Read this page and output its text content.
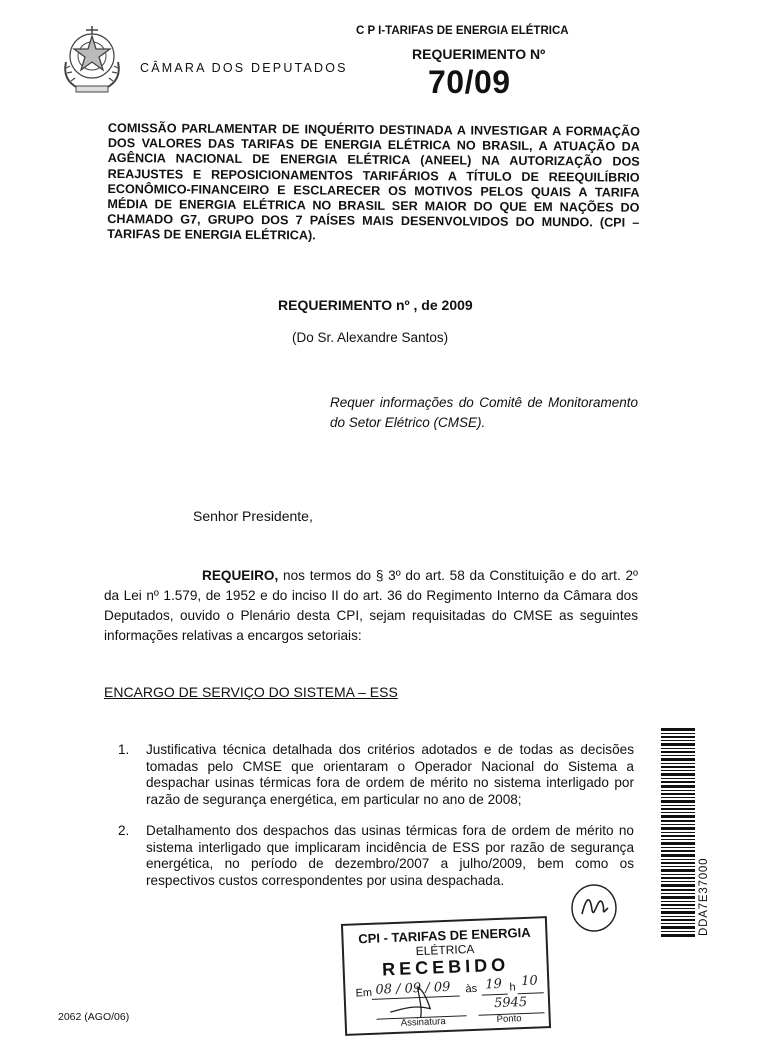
CÂMARA DOS DEPUTADOS
C P I-TARIFAS DE ENERGIA ELÉTRICA
REQUERIMENTO Nº
70/09
COMISSÃO PARLAMENTAR DE INQUÉRITO DESTINADA A INVESTIGAR A FORMAÇÃO DOS VALORES DAS TARIFAS DE ENERGIA ELÉTRICA NO BRASIL, A ATUAÇÃO DA AGÊNCIA NACIONAL DE ENERGIA ELÉTRICA (ANEEL) NA AUTORIZAÇÃO DOS REAJUSTES E REPOSICIONAMENTOS TARIFÁRIOS A TÍTULO DE REEQUILÍBRIO ECONÔMICO-FINANCEIRO E ESCLARECER OS MOTIVOS PELOS QUAIS A TARIFA MÉDIA DE ENERGIA ELÉTRICA NO BRASIL SER MAIOR DO QUE EM NAÇÕES DO CHAMADO G7, GRUPO DOS 7 PAÍSES MAIS DESENVOLVIDOS DO MUNDO. (CPI – TARIFAS DE ENERGIA ELÉTRICA).
REQUERIMENTO nº , de 2009
(Do Sr. Alexandre Santos)
Requer informações do Comitê de Monitoramento do Setor Elétrico (CMSE).
Senhor Presidente,
REQUEIRO, nos termos do § 3º do art. 58 da Constituição e do art. 2º da Lei nº 1.579, de 1952 e do inciso II do art. 36 do Regimento Interno da Câmara dos Deputados, ouvido o Plenário desta CPI, sejam requisitadas do CMSE as seguintes informações relativas a encargos setoriais:
ENCARGO DE SERVIÇO DO SISTEMA – ESS
1. Justificativa técnica detalhada dos critérios adotados e de todas as decisões tomadas pelo CMSE que orientaram o Operador Nacional do Sistema a despachar usinas térmicas fora de ordem de mérito no sistema interligado por razão de segurança energética, em particular no ano de 2008;
2. Detalhamento dos despachos das usinas térmicas fora de ordem de mérito no sistema interligado que implicaram incidência de ESS por razão de segurança energética, no período de dezembro/2007 a julho/2009, bem como os respectivos custos correspondentes por usina despachada.	DDA7E37000
CPI - TARIFAS DE ENERGIA
ELÉTRICA
RECEBIDO
Em 08 / 09 / 09 às 19 h 10
5945
Assinatura	Ponto
2062 (AGO/06)
